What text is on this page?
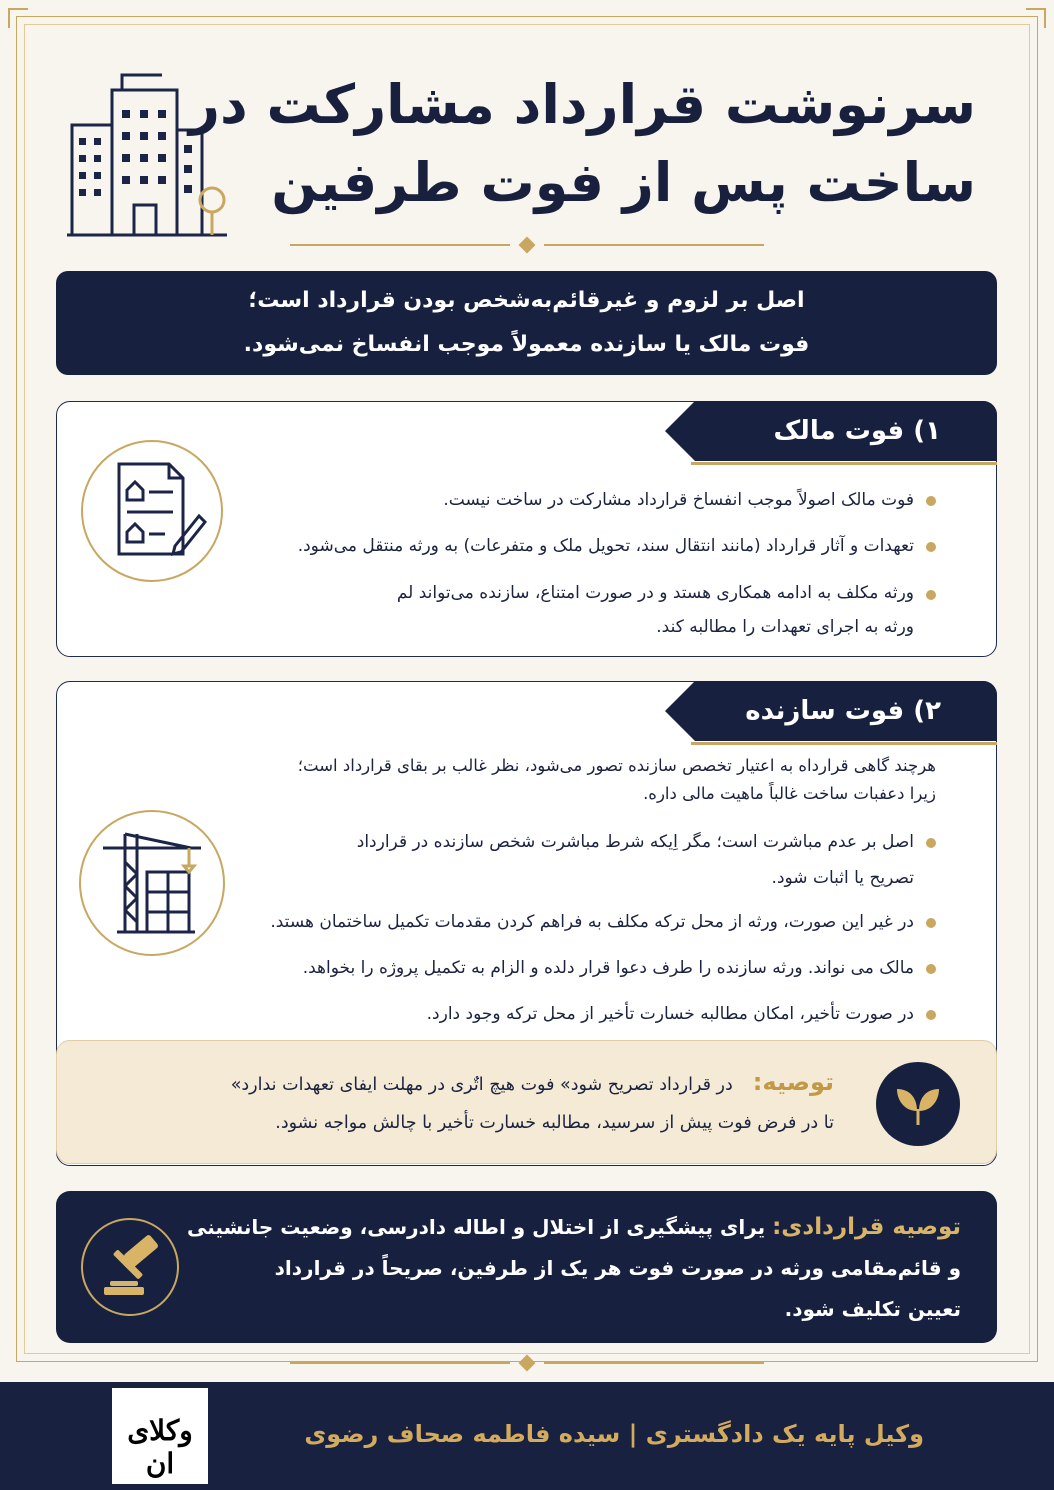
سرنوشت قرارداد مشارکت در
ساخت پس از فوت طرفین
اصل بر لزوم و غیرقائم‌به‌شخص بودن قرارداد است؛
فوت مالک یا سازنده معمولاً موجب انفساخ نمی‌شود.
۱) فوت مالک
فوت مالک اصولاً موجب انفساخ قرارداد مشارکت در ساخت نیست.
تعهدات و آثار قرارداد (مانند انتقال سند، تحویل ملک و متفرعات) به ورثه منتقل می‌شود.
ورثه مکلف به ادامه همکاری هستد و در صورت امتناع، سازنده می‌تواند لم
ورثه به اجرای تعهدات را مطالبه کند.
۲) فوت سازنده
هرچند گاهی قرارداه به اعتیار تخصص سازنده تصور می‌شود، نظر غالب بر بقای قرارداد است؛
زیرا دعفبات ساخت غالباً ماهیت مالی داره.
اصل بر عدم مباشرت است؛ مگر اِیکه شرط مباشرت شخص سازنده در قرارداد
تصریح یا اثبات شود.
در غیر این صورت، ورثه از محل ترکه مکلف به فراهم کردن مقدمات تکمیل ساختمان هستد.
مالک می نواند. ورثه سازنده را طرف دعوا قرار دلده و الزام به تکمیل پروژه را بخواهد.
در صورت تأخیر، امکان مطالبه خسارت تأخیر از محل ترکه وجود دارد.
توصیه:در قرارداد تصریح شود» فوت هیچ اتٌری در مهلت ایفای تعهدات ندارد»
تا در فرض فوت پیش از سرسید، مطالبه خسارت تأخیر با چالش مواجه نشود.
توصیه قراردادی: یرای پیشگیری از اختلال و اطاله دادرسی، وضعیت جانشینی
و قائم‌مقامی ورثه در صورت فوت هر یک از طرفین، صریحاً در قرارداد
تعیین تکلیف شود.
وکیل پایه یک دادگستری | سیده فاطمه صحاف رضوی
وکلای ان
